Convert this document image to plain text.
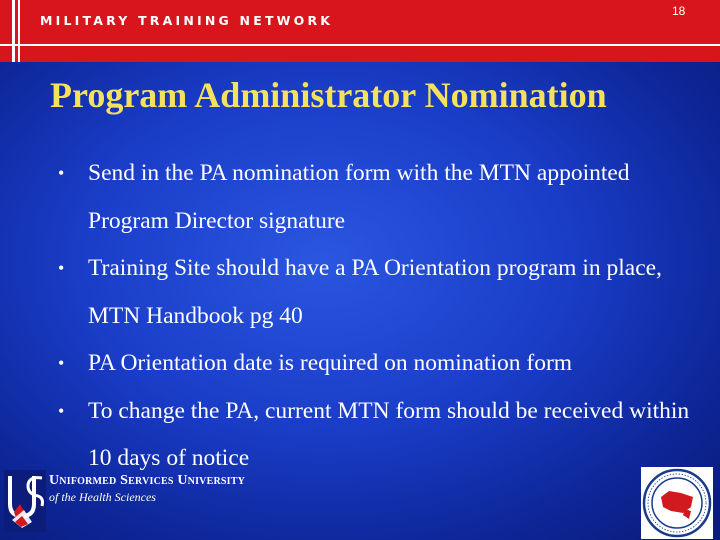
MILITARY TRAINING NETWORK
18
Program Administrator Nomination
• Send in the PA nomination form with the MTN appointed Program Director signature
• Training Site should have a PA Orientation program in place, MTN Handbook pg 40
• PA Orientation date is required on nomination form
• To change the PA, current MTN form should be received within 10 days of notice
Uniformed Services University
of the Health Sciences
